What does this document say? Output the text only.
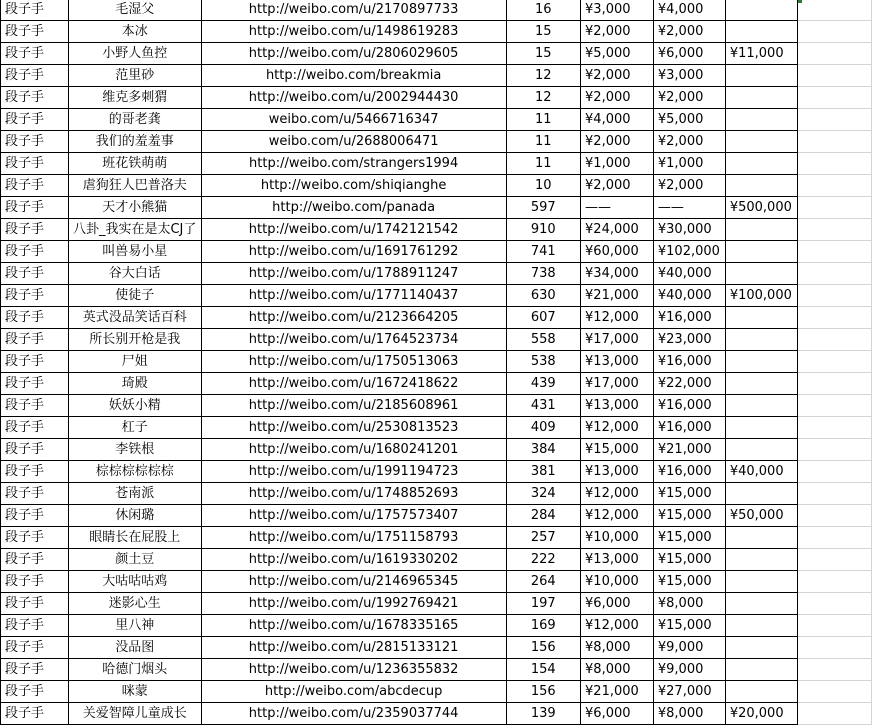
段子手	毛湿父	http://weibo.com/u/2170897733	16	¥3,000	¥4,000		
段子手	本冰	http://weibo.com/u/1498619283	15	¥2,000	¥2,000		
段子手	小野人鱼控	http://weibo.com/u/2806029605	15	¥5,000	¥6,000	¥11,000	
段子手	范里砂	http://weibo.com/breakmia	12	¥2,000	¥3,000		
段子手	维克多刺猬	http://weibo.com/u/2002944430	12	¥2,000	¥2,000		
段子手	的哥老龚	weibo.com/u/5466716347	11	¥4,000	¥5,000		
段子手	我们的羞羞事	weibo.com/u/2688006471	11	¥2,000	¥2,000		
段子手	班花铁萌萌	http://weibo.com/strangers1994	11	¥1,000	¥1,000		
段子手	虐狗狂人巴普洛夫	http://weibo.com/shiqianghe	10	¥2,000	¥2,000		
段子手	天才小熊猫	http://weibo.com/panada	597	——	——	¥500,000	
段子手	八卦_我实在是太CJ了	http://weibo.com/u/1742121542	910	¥24,000	¥30,000		
段子手	叫兽易小星	http://weibo.com/u/1691761292	741	¥60,000	¥102,000		
段子手	谷大白话	http://weibo.com/u/1788911247	738	¥34,000	¥40,000		
段子手	使徒子	http://weibo.com/u/1771140437	630	¥21,000	¥40,000	¥100,000	
段子手	英式没品笑话百科	http://weibo.com/u/2123664205	607	¥12,000	¥16,000		
段子手	所长别开枪是我	http://weibo.com/u/1764523734	558	¥17,000	¥23,000		
段子手	尸姐	http://weibo.com/u/1750513063	538	¥13,000	¥16,000		
段子手	琦殿	http://weibo.com/u/1672418622	439	¥17,000	¥22,000		
段子手	妖妖小精	http://weibo.com/u/2185608961	431	¥13,000	¥16,000		
段子手	杠子	http://weibo.com/u/2530813523	409	¥12,000	¥16,000		
段子手	李铁根	http://weibo.com/u/1680241201	384	¥15,000	¥21,000		
段子手	棕棕棕棕棕棕	http://weibo.com/u/1991194723	381	¥13,000	¥16,000	¥40,000	
段子手	苍南派	http://weibo.com/u/1748852693	324	¥12,000	¥15,000		
段子手	休闲璐	http://weibo.com/u/1757573407	284	¥12,000	¥15,000	¥50,000	
段子手	眼睛长在屁股上	http://weibo.com/u/1751158793	257	¥10,000	¥15,000		
段子手	颜土豆	http://weibo.com/u/1619330202	222	¥13,000	¥15,000		
段子手	大咕咕咕鸡	http://weibo.com/u/2146965345	264	¥10,000	¥15,000		
段子手	迷影心生	http://weibo.com/u/1992769421	197	¥6,000	¥8,000		
段子手	里八神	http://weibo.com/u/1678335165	169	¥12,000	¥15,000		
段子手	没品图	http://weibo.com/u/2815133121	156	¥8,000	¥9,000		
段子手	哈德门烟头	http://weibo.com/u/1236355832	154	¥8,000	¥9,000		
段子手	咪蒙	http://weibo.com/abcdecup	156	¥21,000	¥27,000		
段子手	关爱智障儿童成长	http://weibo.com/u/2359037744	139	¥6,000	¥8,000	¥20,000	
